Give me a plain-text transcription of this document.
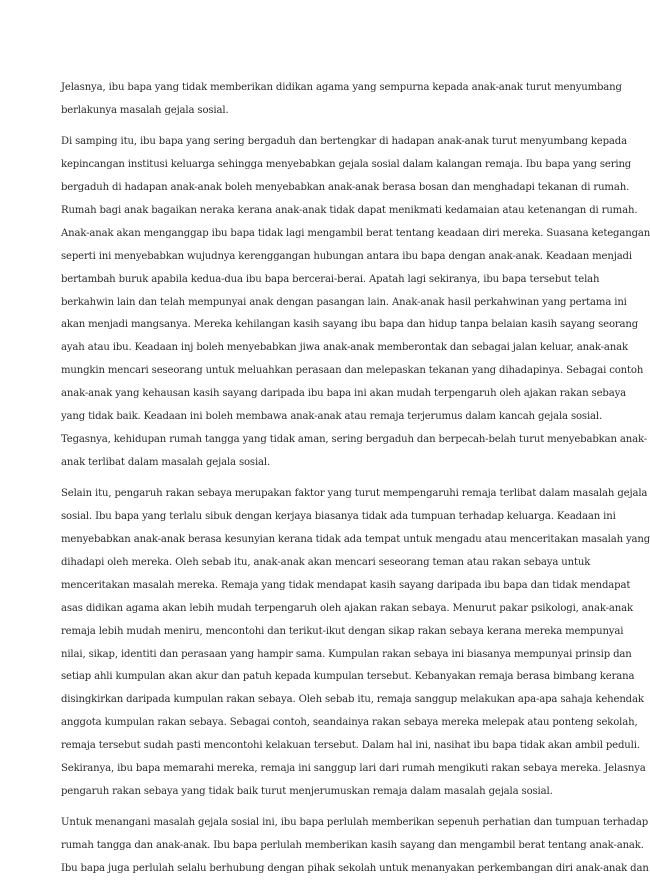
Jelasnya, ibu bapa yang tidak memberikan didikan agama yang sempurna kepada anak-anak turut menyumbang
berlakunya masalah gejala sosial.
Di samping itu, ibu bapa yang sering bergaduh dan bertengkar di hadapan anak-anak turut menyumbang kepada
kepincangan institusi keluarga sehingga menyebabkan gejala sosial dalam kalangan remaja. Ibu bapa yang sering
bergaduh di hadapan anak-anak boleh menyebabkan anak-anak berasa bosan dan menghadapi tekanan di rumah.
Rumah bagi anak bagaikan neraka kerana anak-anak tidak dapat menikmati kedamaian atau ketenangan di rumah.
Anak-anak akan menganggap ibu bapa tidak lagi mengambil berat tentang keadaan diri mereka. Suasana ketegangan
seperti ini menyebabkan wujudnya kerenggangan hubungan antara ibu bapa dengan anak-anak. Keadaan menjadi
bertambah buruk apabila kedua-dua ibu bapa bercerai-berai. Apatah lagi sekiranya, ibu bapa tersebut telah
berkahwin lain dan telah mempunyai anak dengan pasangan lain. Anak-anak hasil perkahwinan yang pertama ini
akan menjadi mangsanya. Mereka kehilangan kasih sayang ibu bapa dan hidup tanpa belaian kasih sayang seorang
ayah atau ibu. Keadaan inj boleh menyebabkan jiwa anak-anak memberontak dan sebagai jalan keluar, anak-anak
mungkin mencari seseorang untuk meluahkan perasaan dan melepaskan tekanan yang dihadapinya. Sebagai contoh
anak-anak yang kehausan kasih sayang daripada ibu bapa ini akan mudah terpengaruh oleh ajakan rakan sebaya
yang tidak baik. Keadaan ini boleh membawa anak-anak atau remaja terjerumus dalam kancah gejala sosial.
Tegasnya, kehidupan rumah tangga yang tidak aman, sering bergaduh dan berpecah-belah turut menyebabkan anak-
anak terlibat dalam masalah gejala sosial.
Selain itu, pengaruh rakan sebaya merupakan faktor yang turut mempengaruhi remaja terlibat dalam masalah gejala
sosial. Ibu bapa yang terlalu sibuk dengan kerjaya biasanya tidak ada tumpuan terhadap keluarga. Keadaan ini
menyebabkan anak-anak berasa kesunyian kerana tidak ada tempat untuk mengadu atau menceritakan masalah yang
dihadapi oleh mereka. Oleh sebab itu, anak-anak akan mencari seseorang teman atau rakan sebaya untuk
menceritakan masalah mereka. Remaja yang tidak mendapat kasih sayang daripada ibu bapa dan tidak mendapat
asas didikan agama akan lebih mudah terpengaruh oleh ajakan rakan sebaya. Menurut pakar psikologi, anak-anak
remaja lebih mudah meniru, mencontohi dan terikut-ikut dengan sikap rakan sebaya kerana mereka mempunyai
nilai, sikap, identiti dan perasaan yang hampir sama. Kumpulan rakan sebaya ini biasanya mempunyai prinsip dan
setiap ahli kumpulan akan akur dan patuh kepada kumpulan tersebut. Kebanyakan remaja berasa bimbang kerana
disingkirkan daripada kumpulan rakan sebaya. Oleh sebab itu, remaja sanggup melakukan apa-apa sahaja kehendak
anggota kumpulan rakan sebaya. Sebagai contoh, seandainya rakan sebaya mereka melepak atau ponteng sekolah,
remaja tersebut sudah pasti mencontohi kelakuan tersebut. Dalam hal ini, nasihat ibu bapa tidak akan ambil peduli.
Sekiranya, ibu bapa memarahi mereka, remaja ini sanggup lari dari rumah mengikuti rakan sebaya mereka. Jelasnya
pengaruh rakan sebaya yang tidak baik turut menjerumuskan remaja dalam masalah gejala sosial.
Untuk menangani masalah gejala sosial ini, ibu bapa perlulah memberikan sepenuh perhatian dan tumpuan terhadap
rumah tangga dan anak-anak. Ibu bapa perlulah memberikan kasih sayang dan mengambil berat tentang anak-anak.
Ibu bapa juga perlulah selalu berhubung dengan pihak sekolah untuk menanyakan perkembangan diri anak-anak dan
